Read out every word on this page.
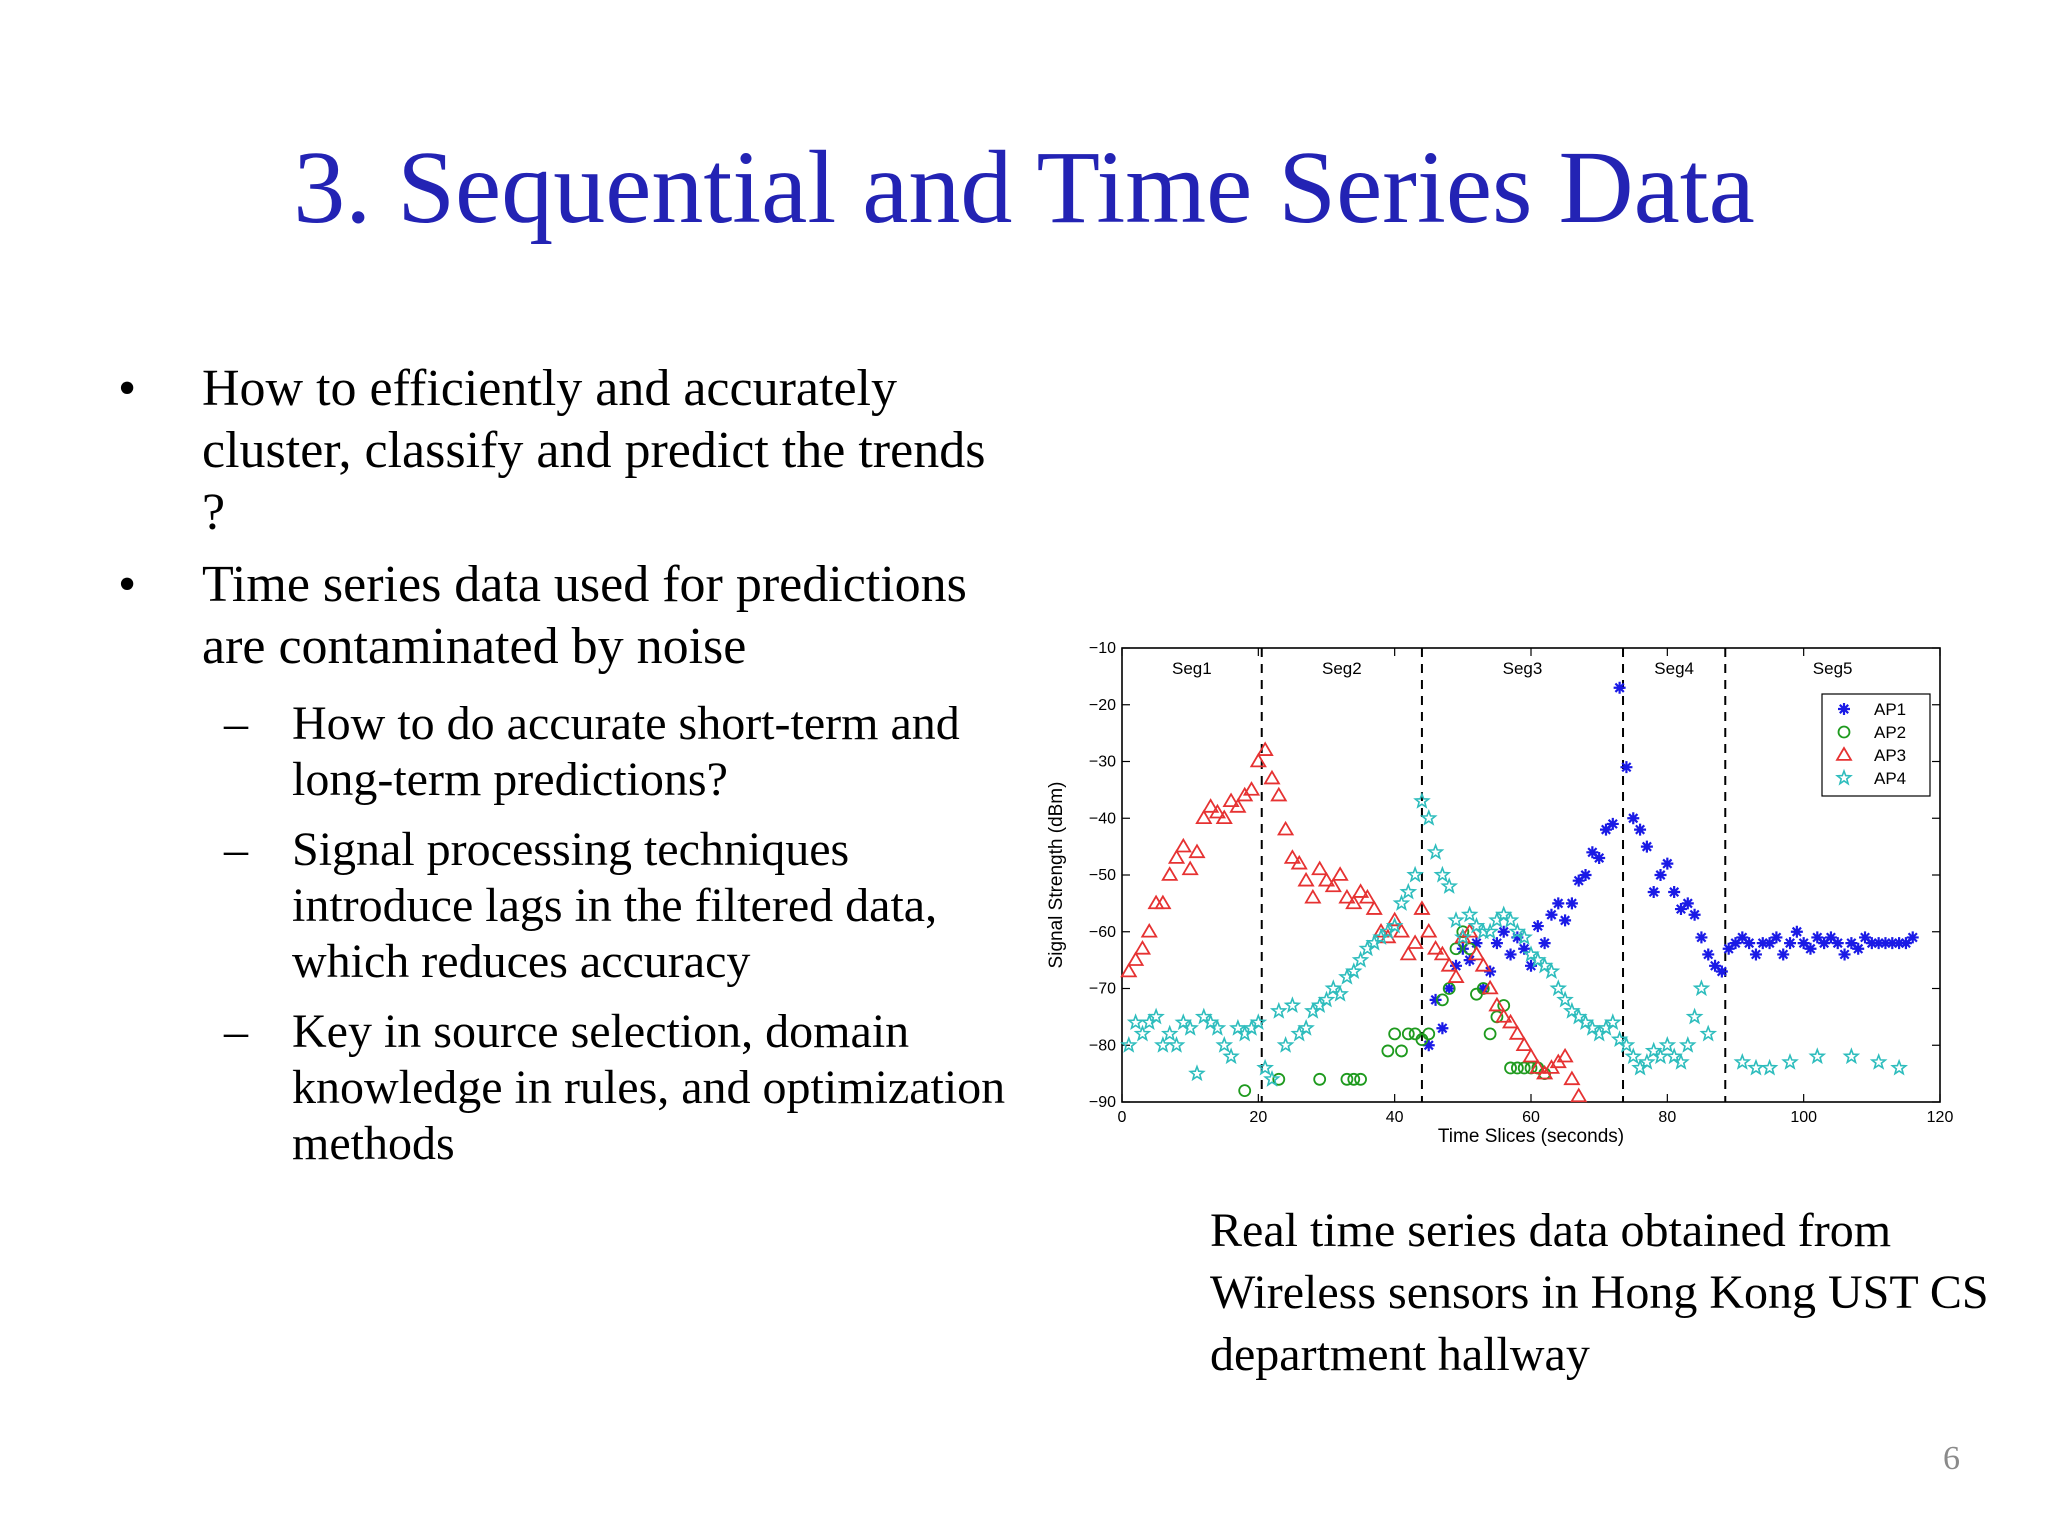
3. Sequential and Time Series Data
• How to efficiently and accurately cluster, classify and predict the trends ?
• Time series data used for predictions are contaminated by noise
– How to do accurate short-term and long-term predictions?
– Signal processing techniques introduce lags in the filtered data, which reduces accuracy
– Key in source selection, domain knowledge in rules, and optimization methods	0	20	40	60	80	100	120
−10
−20
−30
−40
−50
−60
−70
−80
−90
Time Slices (seconds)
Signal Strength (dBm)
Seg1	Seg2	Seg3	Seg4	Seg5
AP1
AP2
AP3
AP4
Real time series data obtained from Wireless sensors in Hong Kong UST CS department hallway
6
